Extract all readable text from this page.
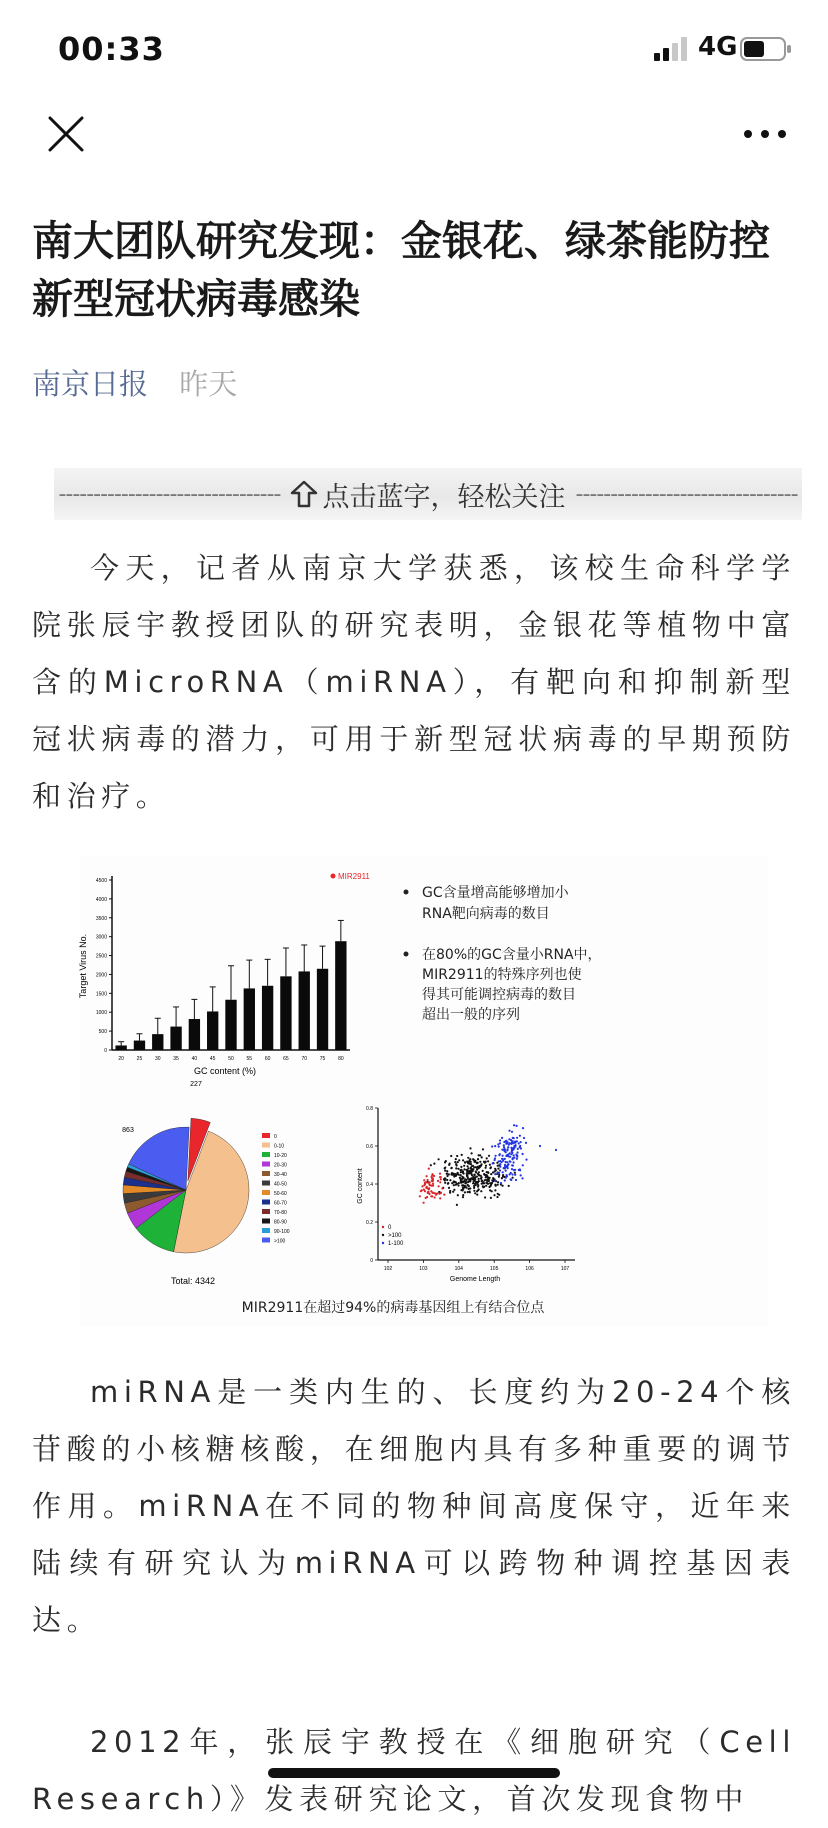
00:33	4G
南大团队研究发现：金银花、绿茶能防控新型冠状病毒感染
南京日报 昨天
-------------------------------- 点击蓝字，轻松关注 --------------------------------

今天，记者从南京大学获悉，该校生命科学学院张辰宇教授团队的研究表明，金银花等植物中富含的MicroRNA（miRNA），有靶向和抑制新型冠状病毒的潜力，可用于新型冠状病毒的早期预防和治疗。

0
500
1000
1500
2000
2500
3000
3500
4000
4500
20	25	30	35	40	45	50	55	60	65	70	75	80
GC content (%)
Target Virus No.
MIR2911
GC含量增高能够增加小
RNA靶向病毒的数目
在80%的GC含量小RNA中，
MIR2911的特殊序列也使
得其可能调控病毒的数目
超出一般的序列
227
863
Total: 4342
0
0-10
10-20
20-30
30-40
40-50
50-60
60-70
70-80
80-90
90-100
>100
0
0.2
0.4
0.6
0.8
102	103	104	105	106	107
Genome Length
GC content
0
>100
1-100
MIR2911在超过94%的病毒基因组上有结合位点

miRNA是一类内生的、长度约为20-24个核苷酸的小核糖核酸，在细胞内具有多种重要的调节作用。miRNA在不同的物种间高度保守，近年来陆续有研究认为miRNA可以跨物种调控基因表达。

2012年，张辰宇教授在《细胞研究（Cell Research）》发表研究论文，首次发现食物中
